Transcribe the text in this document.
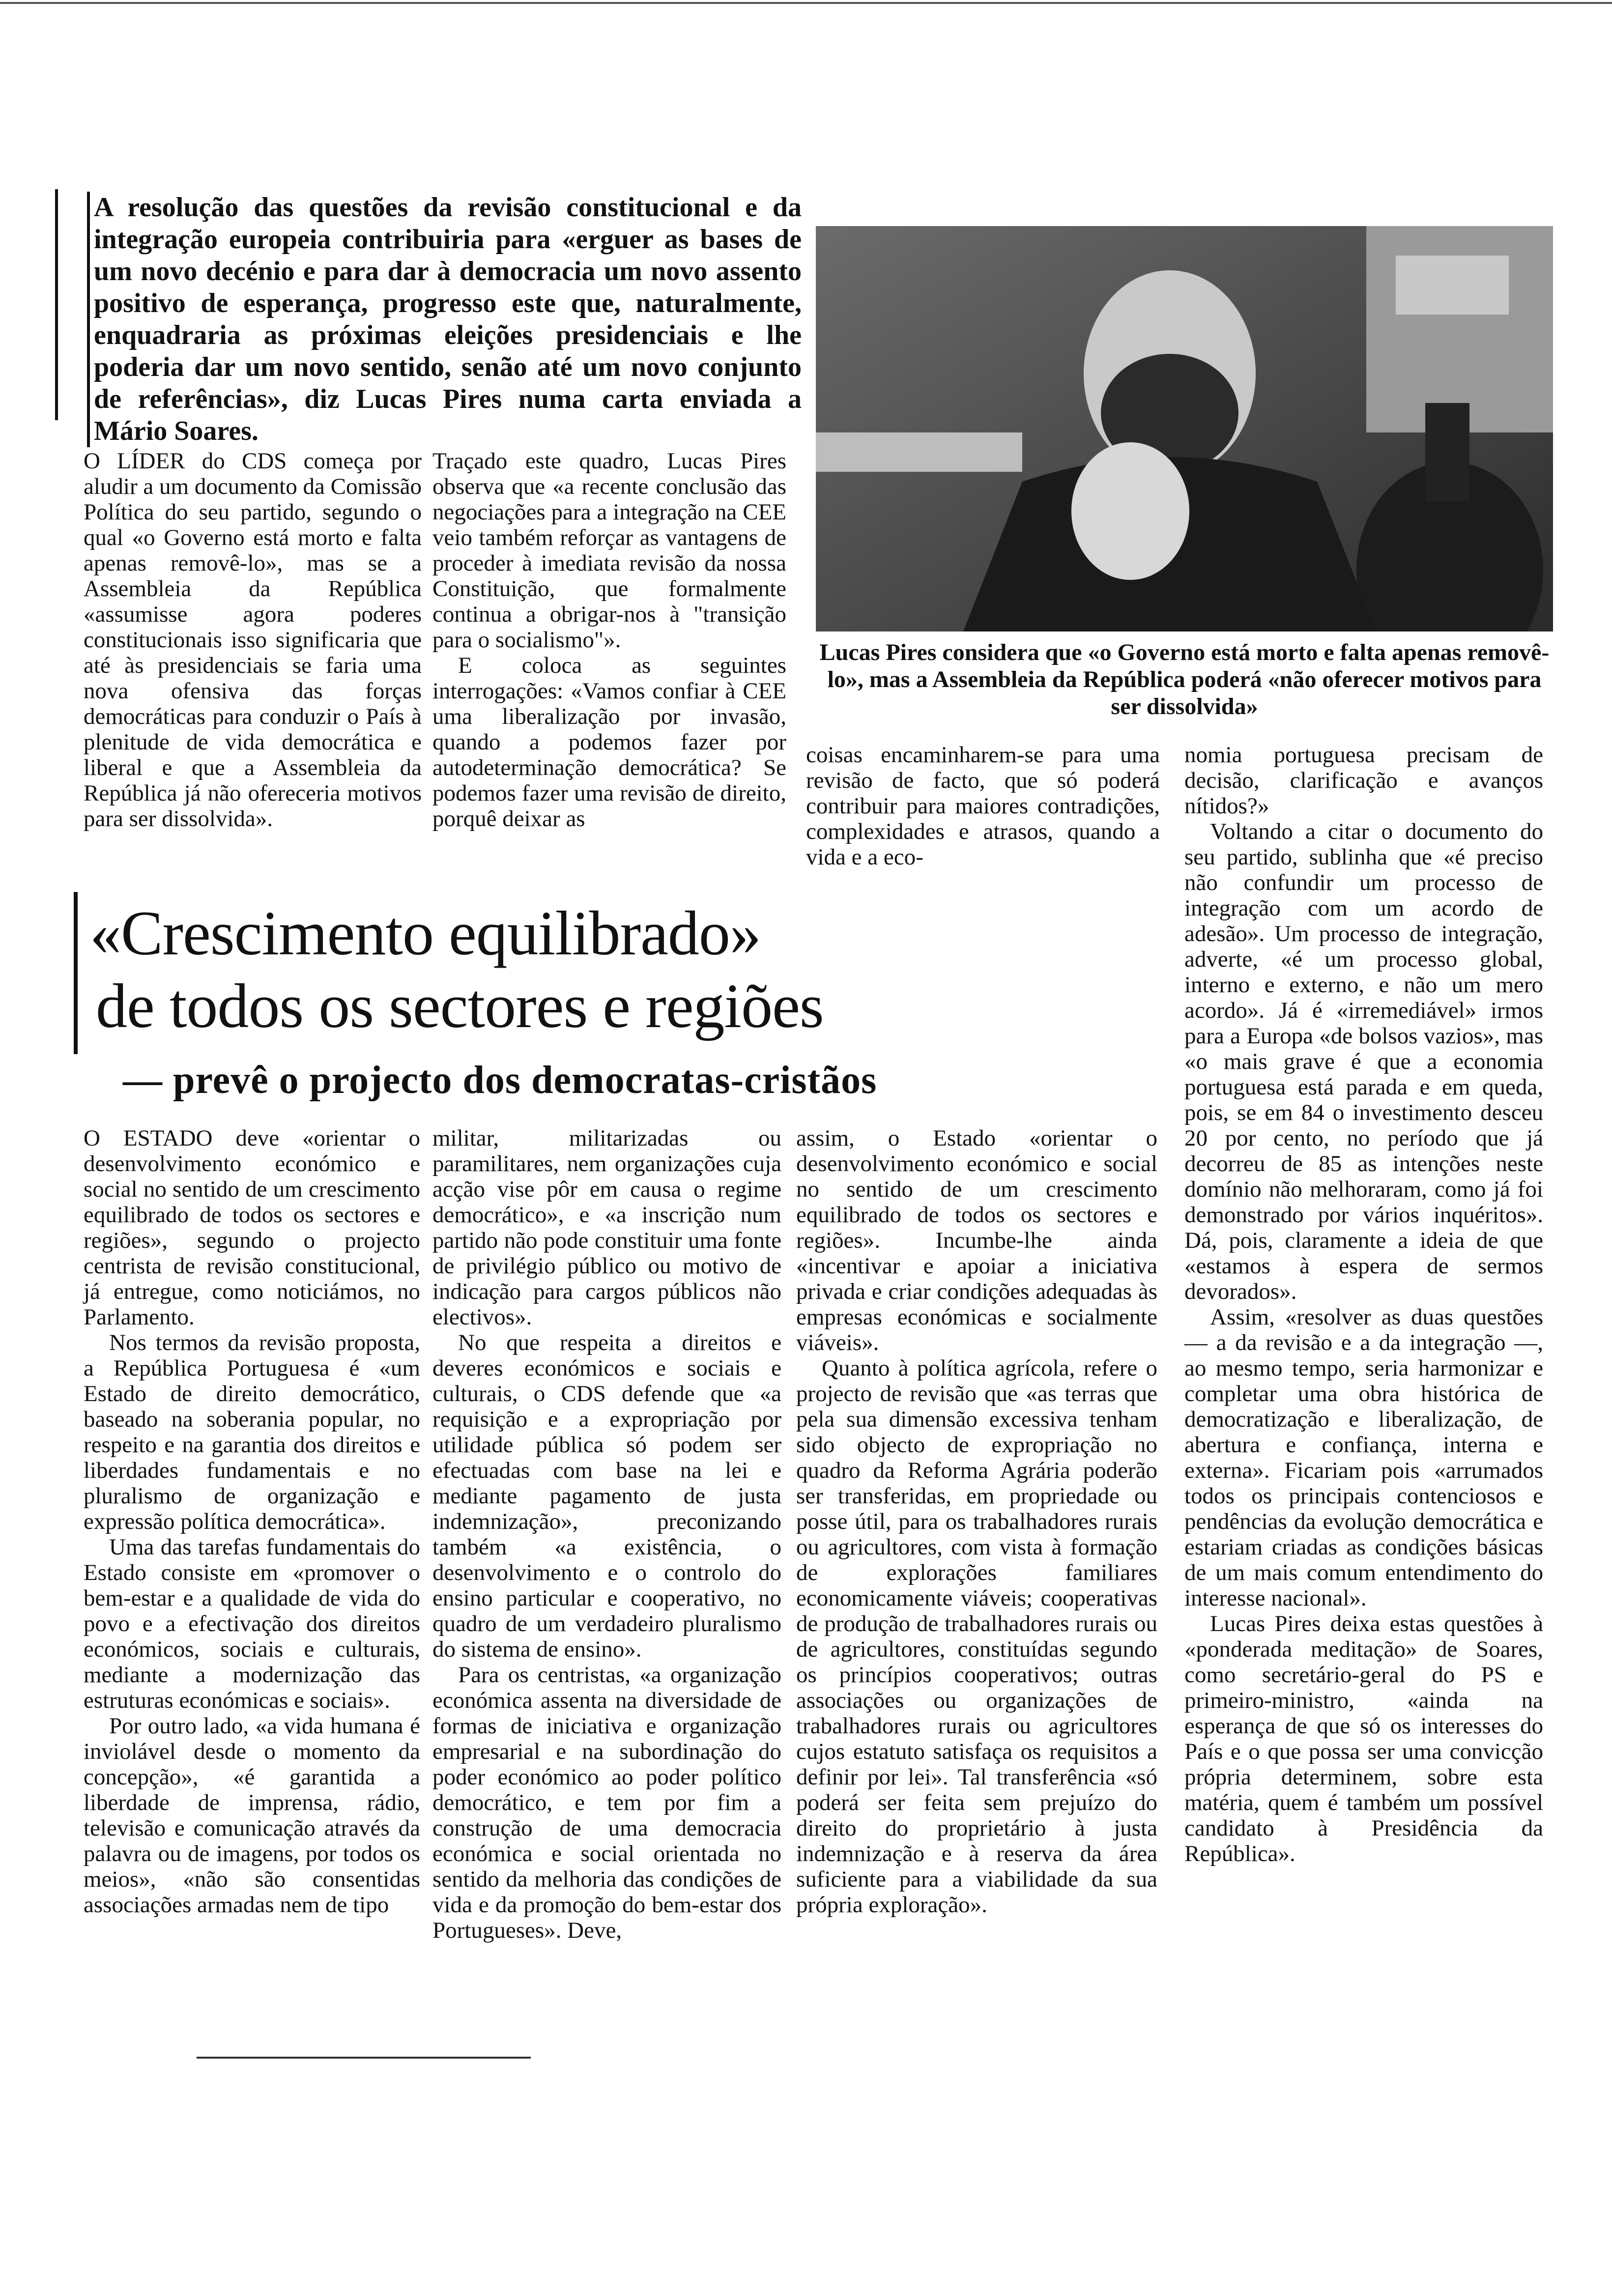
A resolução das questões da revisão constitucional e da integração europeia contribuiria para «erguer as bases de um novo decénio e para dar à democracia um novo assento positivo de esperança, progresso este que, naturalmente, enquadraria as próximas eleições presidenciais e lhe poderia dar um novo sentido, senão até um novo conjunto de referências», diz Lucas Pires numa carta enviada a Mário Soares.

Lucas Pires considera que «o Governo está morto e falta apenas removê-lo», mas a Assembleia da República poderá «não oferecer motivos para ser dissolvida»

O LÍDER do CDS começa por aludir a um documento da Comissão Política do seu partido, segundo o qual «o Governo está morto e falta apenas removê-lo», mas se a Assembleia da República «assumisse agora poderes constitucionais isso significaria que até às presidenciais se faria uma nova ofensiva das forças democráticas para conduzir o País à plenitude de vida democrática e liberal e que a Assembleia da República já não ofereceria motivos para ser dissolvida».

Traçado este quadro, Lucas Pires observa que «a recente conclusão das negociações para a integração na CEE veio também reforçar as vantagens de proceder à imediata revisão da nossa Constituição, que formalmente continua a obrigar-nos à "transição para o socialismo"».

E coloca as seguintes interrogações: «Vamos confiar à CEE uma liberalização por invasão, quando a podemos fazer por autodeterminação democrática? Se podemos fazer uma revisão de direito, porquê deixar as

coisas encaminharem-se para uma revisão de facto, que só poderá contribuir para maiores contradições, complexidades e atrasos, quando a vida e a eco-

nomia portuguesa precisam de decisão, clarificação e avanços nítidos?»

Voltando a citar o documento do seu partido, sublinha que «é preciso não confundir um processo de integração com um acordo de adesão». Um processo de integração, adverte, «é um processo global, interno e externo, e não um mero acordo». Já é «irremediável» irmos para a Europa «de bolsos vazios», mas «o mais grave é que a economia portuguesa está parada e em queda, pois, se em 84 o investimento desceu 20 por cento, no período que já decorreu de 85 as intenções neste domínio não melhoraram, como já foi demonstrado por vários inquéritos». Dá, pois, claramente a ideia de que «estamos à espera de sermos devorados».

Assim, «resolver as duas questões — a da revisão e a da integração —, ao mesmo tempo, seria harmonizar e completar uma obra histórica de democratização e liberalização, de abertura e confiança, interna e externa». Ficariam pois «arrumados todos os principais contenciosos e pendências da evolução democrática e estariam criadas as condições básicas de um mais comum entendimento do interesse nacional».

Lucas Pires deixa estas questões à «ponderada meditação» de Soares, como secretário-geral do PS e primeiro-ministro, «ainda na esperança de que só os interesses do País e o que possa ser uma convicção própria determinem, sobre esta matéria, quem é também um possível candidato à Presidência da República».

«Crescimento equilibrado»
de todos os sectores e regiões
— prevê o projecto dos democratas-cristãos

O ESTADO deve «orientar o desenvolvimento económico e social no sentido de um crescimento equilibrado de todos os sectores e regiões», segundo o projecto centrista de revisão constitucional, já entregue, como noticiámos, no Parlamento.

Nos termos da revisão proposta, a República Portuguesa é «um Estado de direito democrático, baseado na soberania popular, no respeito e na garantia dos direitos e liberdades fundamentais e no pluralismo de organização e expressão política democrática».

Uma das tarefas fundamentais do Estado consiste em «promover o bem-estar e a qualidade de vida do povo e a efectivação dos direitos económicos, sociais e culturais, mediante a modernização das estruturas económicas e sociais».

Por outro lado, «a vida humana é inviolável desde o momento da concepção», «é garantida a liberdade de imprensa, rádio, televisão e comunicação através da palavra ou de imagens, por todos os meios», «não são consentidas associações armadas nem de tipo

militar, militarizadas ou paramilitares, nem organizações cuja acção vise pôr em causa o regime democrático», e «a inscrição num partido não pode constituir uma fonte de privilégio público ou motivo de indicação para cargos públicos não electivos».

No que respeita a direitos e deveres económicos e sociais e culturais, o CDS defende que «a requisição e a expropriação por utilidade pública só podem ser efectuadas com base na lei e mediante pagamento de justa indemnização», preconizando também «a existência, o desenvolvimento e o controlo do ensino particular e cooperativo, no quadro de um verdadeiro pluralismo do sistema de ensino».

Para os centristas, «a organização económica assenta na diversidade de formas de iniciativa e organização empresarial e na subordinação do poder económico ao poder político democrático, e tem por fim a construção de uma democracia económica e social orientada no sentido da melhoria das condições de vida e da promoção do bem-estar dos Portugueses». Deve,

assim, o Estado «orientar o desenvolvimento económico e social no sentido de um crescimento equilibrado de todos os sectores e regiões». Incumbe-lhe ainda «incentivar e apoiar a iniciativa privada e criar condições adequadas às empresas económicas e socialmente viáveis».

Quanto à política agrícola, refere o projecto de revisão que «as terras que pela sua dimensão excessiva tenham sido objecto de expropriação no quadro da Reforma Agrária poderão ser transferidas, em propriedade ou posse útil, para os trabalhadores rurais ou agricultores, com vista à formação de explorações familiares economicamente viáveis; cooperativas de produção de trabalhadores rurais ou de agricultores, constituídas segundo os princípios cooperativos; outras associações ou organizações de trabalhadores rurais ou agricultores cujos estatuto satisfaça os requisitos a definir por lei». Tal transferência «só poderá ser feita sem prejuízo do direito do proprietário à justa indemnização e à reserva da área suficiente para a viabilidade da sua própria exploração».
